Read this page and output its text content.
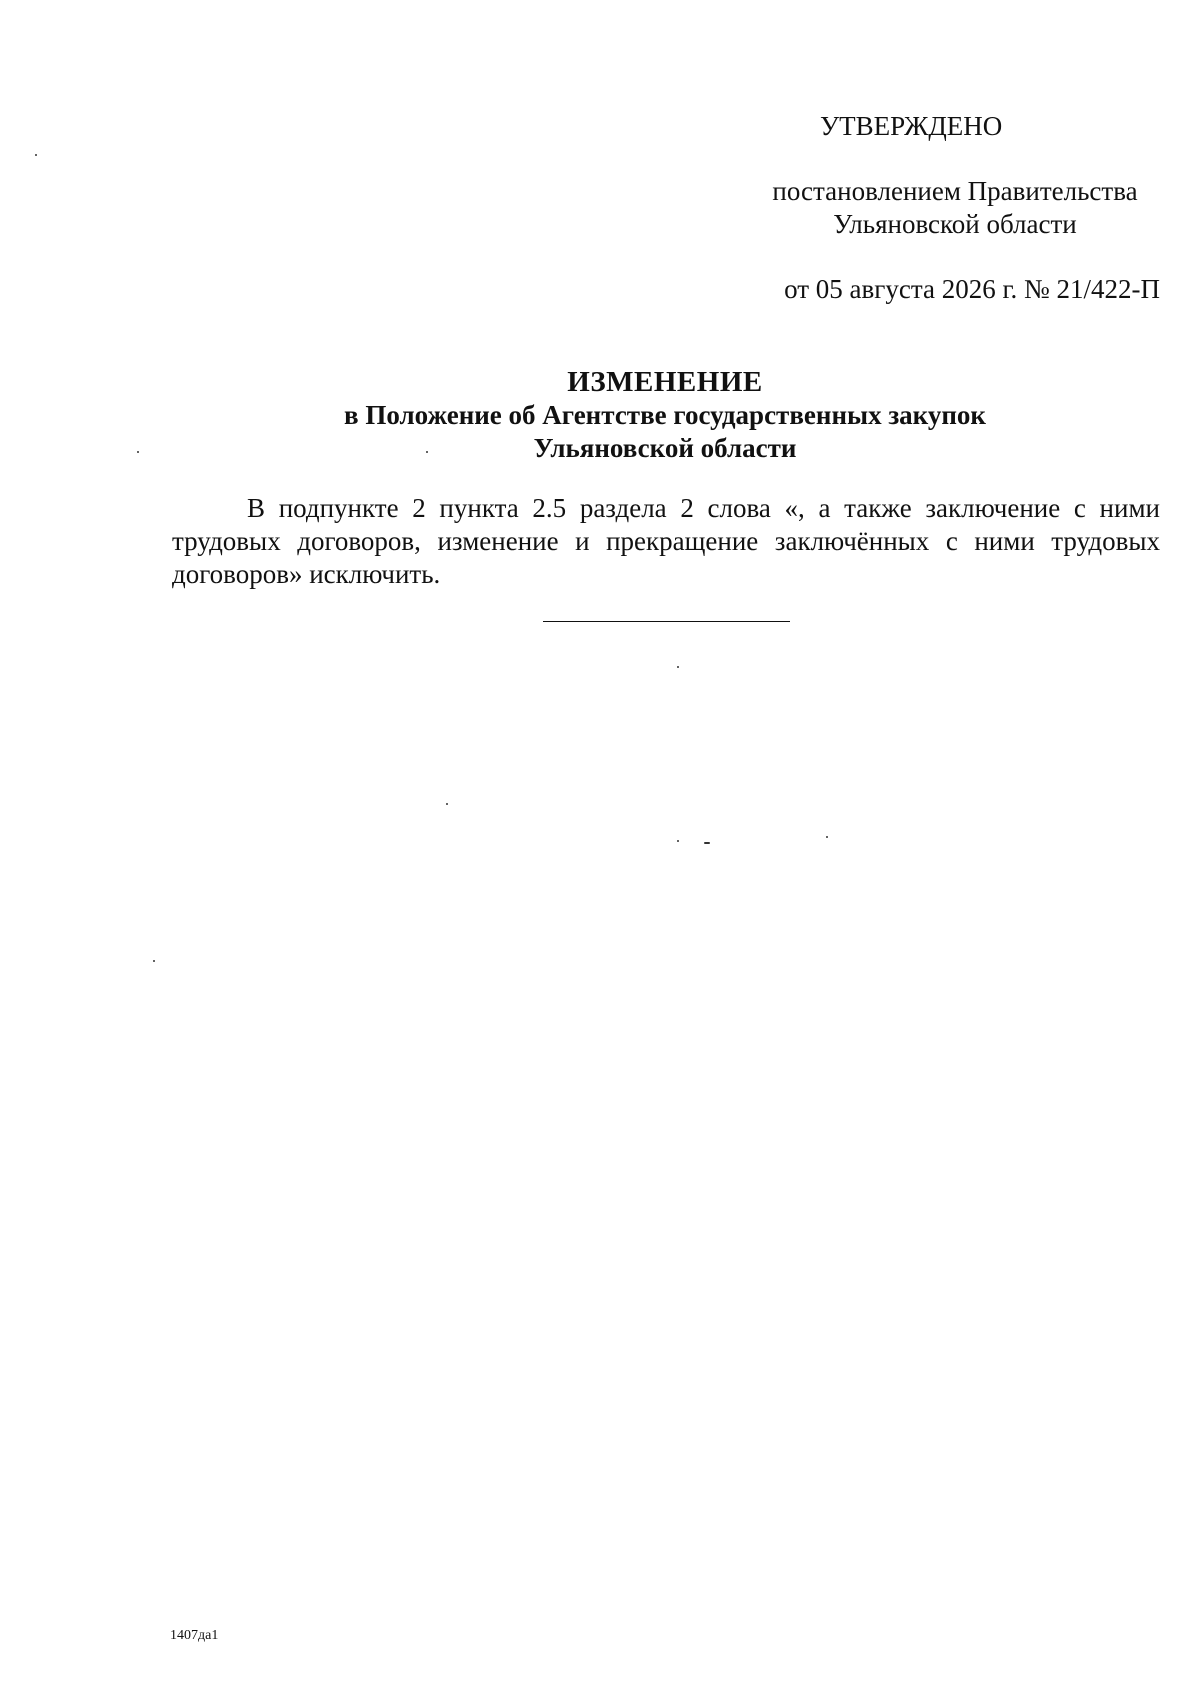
УТВЕРЖДЕНО
постановлением Правительства
Ульяновской области
от 05 августа 2026 г. № 21/422-П
ИЗМЕНЕНИЕ
в Положение об Агентстве государственных закупок
Ульяновской области

В подпункте 2 пункта 2.5 раздела 2 слова «, а также заключение с ними трудовых договоров, изменение и прекращение заключённых с ними трудовых договоров» исключить.

1407да1
